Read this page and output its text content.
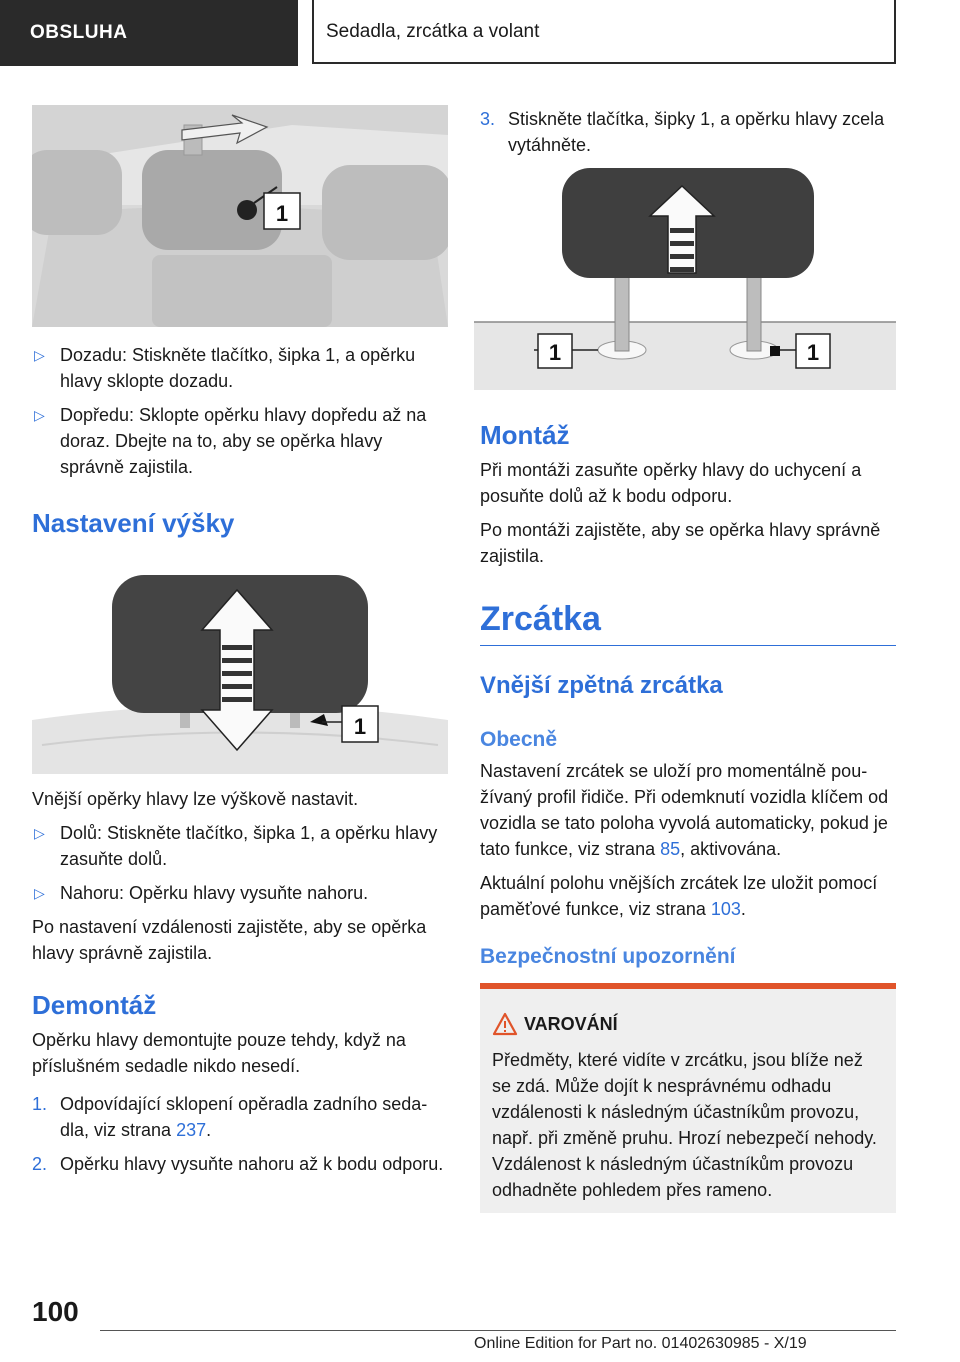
OBSLUHA	Sedadla, zrcátka a volant
1
▷ Dozadu: Stiskněte tlačítko, šipka 1, a opěrku hlavy sklopte dozadu.
▷ Dopředu: Sklopte opěrku hlavy dopředu až na doraz. Dbejte na to, aby se opěrka hlavy správně zajistila.
Nastavení výšky
1
Vnější opěrky hlavy lze výškově nastavit.
▷ Dolů: Stiskněte tlačítko, šipka 1, a opěrku hlavy zasuňte dolů.
▷ Nahoru: Opěrku hlavy vysuňte nahoru.
Po nastavení vzdálenosti zajistěte, aby se opěrka hlavy správně zajistila.
Demontáž
Opěrku hlavy demontujte pouze tehdy, když na příslušném sedadle nikdo nesedí.
1. Odpovídající sklopení opěradla zadního sedadla, viz strana 237.
2. Opěrku hlavy vysuňte nahoru až k bodu odporu.
3. Stiskněte tlačítka, šipky 1, a opěrku hlavy zcela vytáhněte.
1	1
Montáž
Při montáži zasuňte opěrky hlavy do uchycení a posuňte dolů až k bodu odporu.
Po montáži zajistěte, aby se opěrka hlavy správně zajistila.
Zrcátka
Vnější zpětná zrcátka
Obecně
Nastavení zrcátek se uloží pro momentálně používaný profil řidiče. Při odemknutí vozidla klíčem od vozidla se tato poloha vyvolá automaticky, pokud je tato funkce, viz strana 85, aktivována.
Aktuální polohu vnějších zrcátek lze uložit pomocí paměťové funkce, viz strana 103.
Bezpečnostní upozornění
VAROVÁNÍ
Předměty, které vidíte v zrcátku, jsou blíže než se zdá. Může dojít k nesprávnému odhadu vzdálenosti k následným účastníkům provozu, např. při změně pruhu. Hrozí nebezpečí nehody. Vzdálenost k následným účastníkům provozu odhadněte pohledem přes rameno.
100
Online Edition for Part no. 01402630985 - X/19
